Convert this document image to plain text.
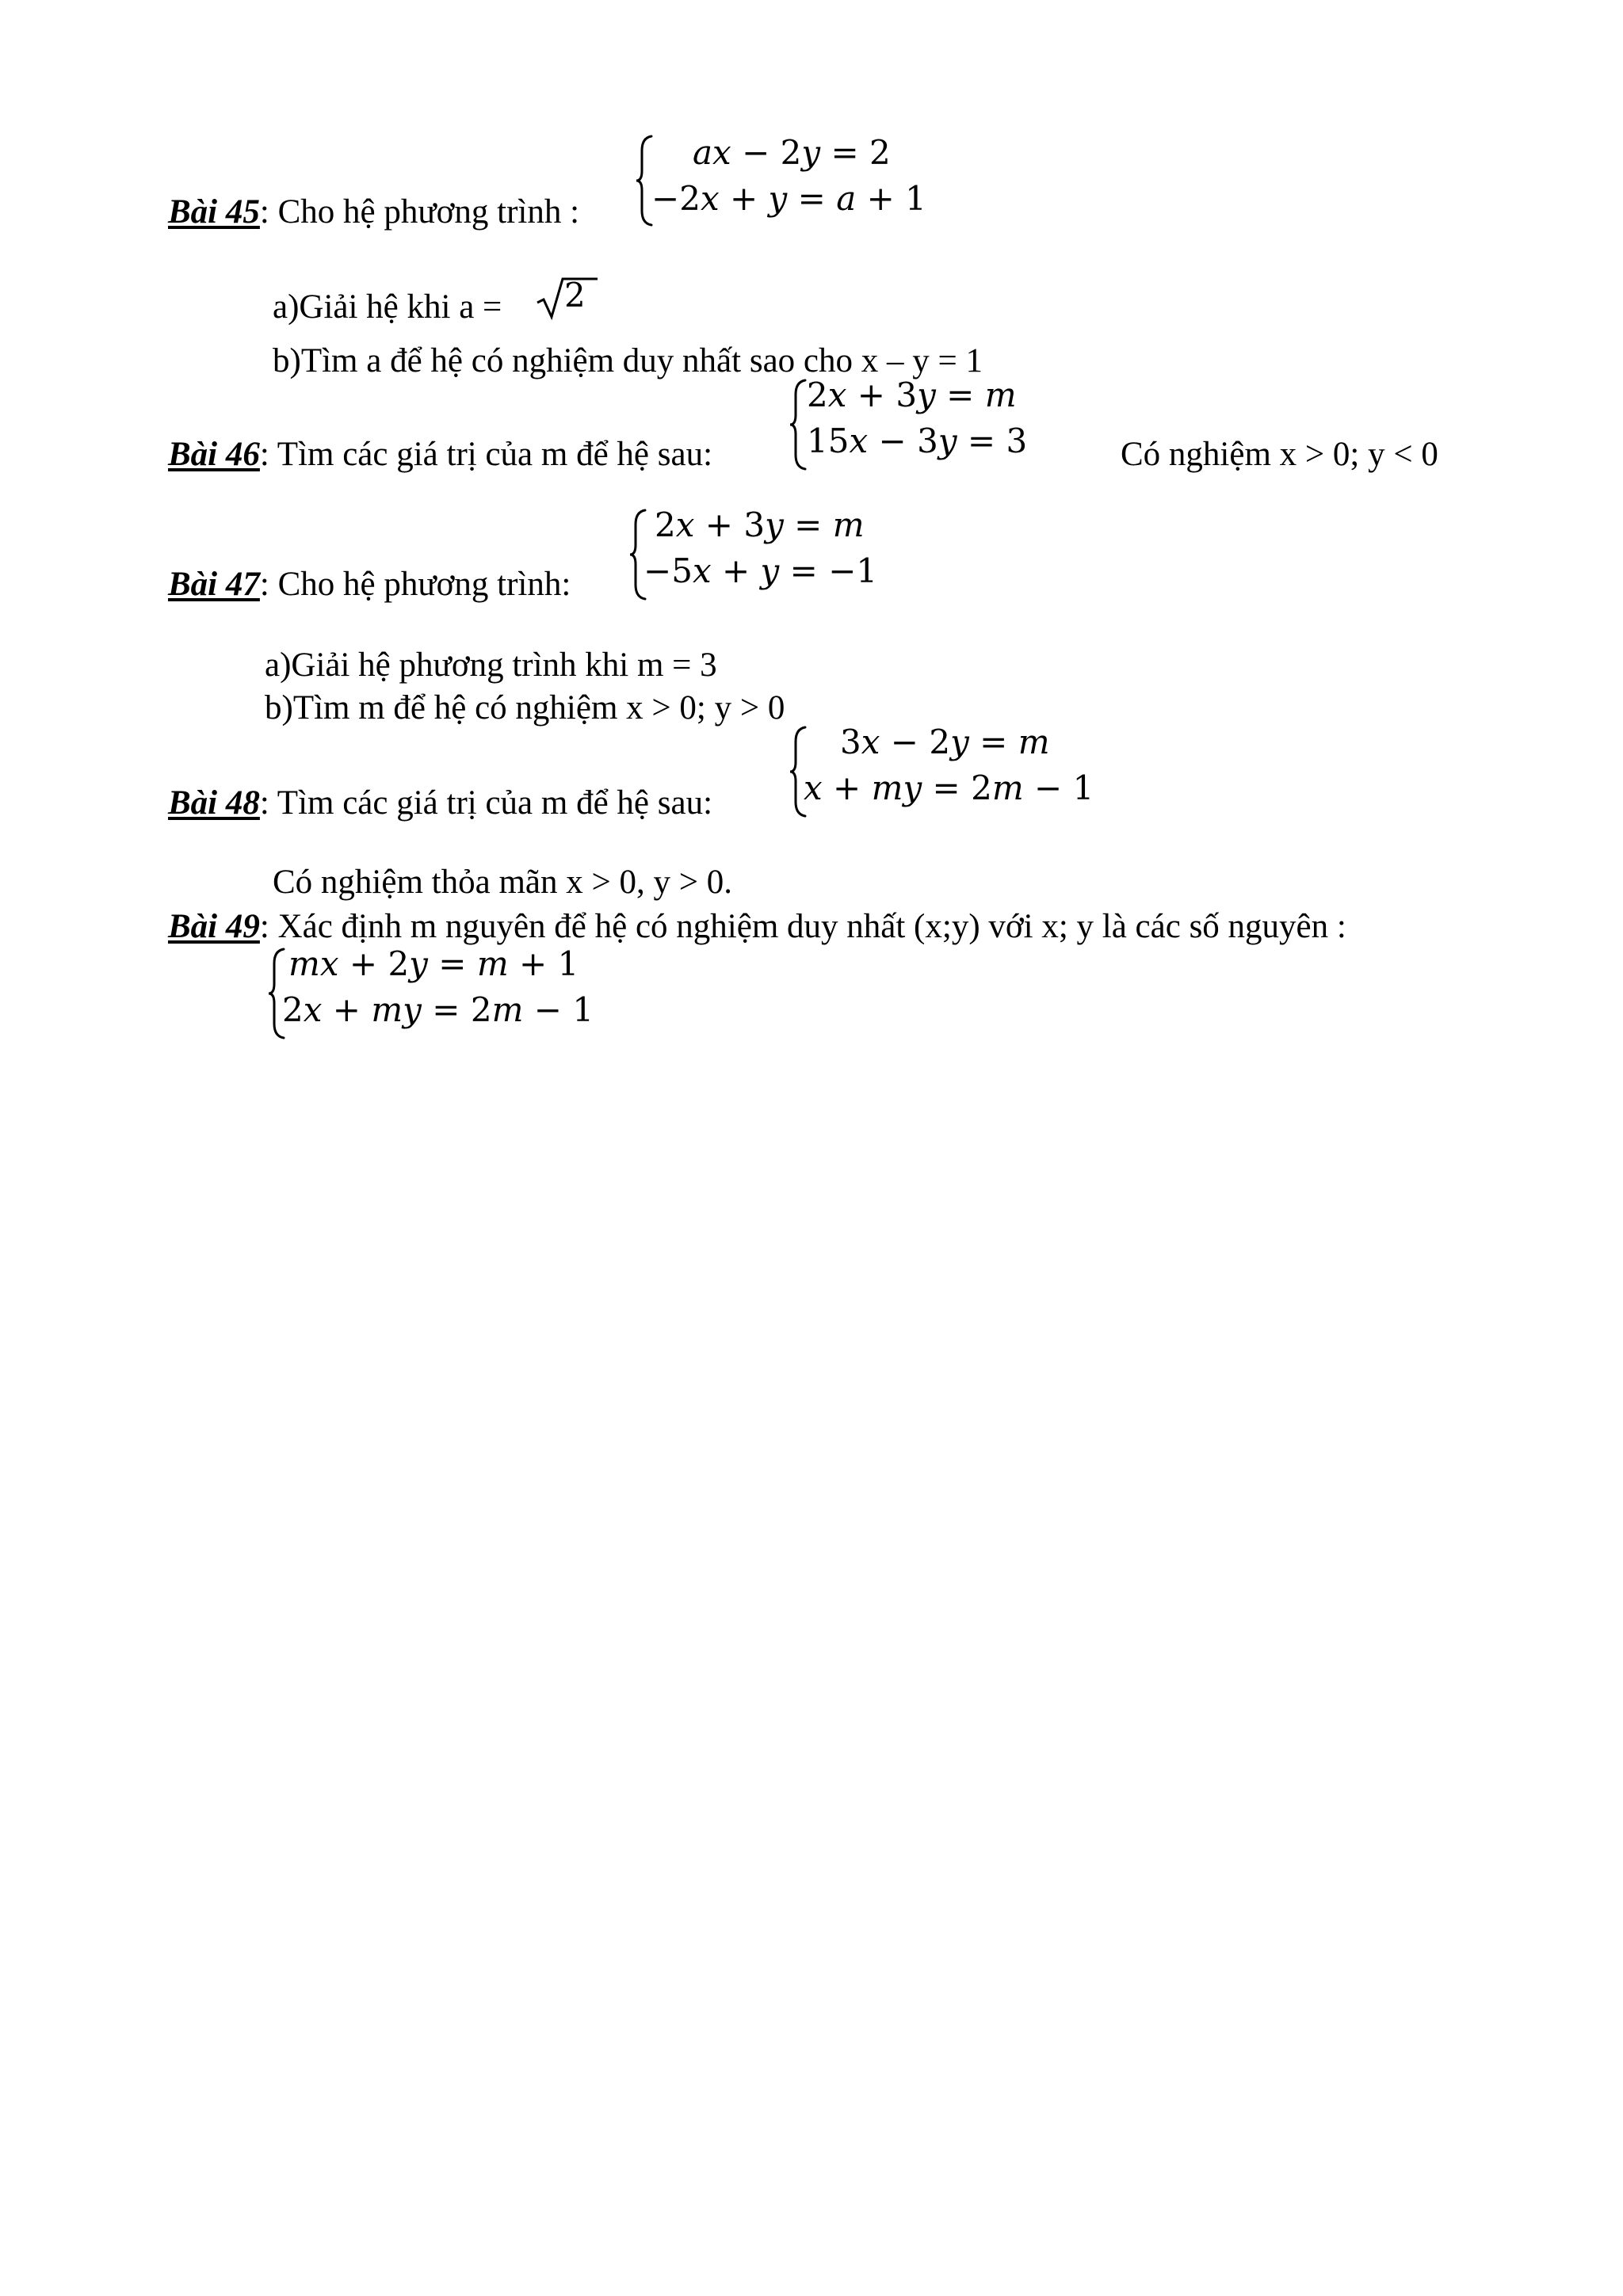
Bài 45: Cho hệ phương trình :
ax − 2y = 2
−2x + y = a + 1
a)Giải hệ khi a = 2
b)Tìm a để hệ có nghiệm duy nhất sao cho x – y = 1
Bài 46: Tìm các giá trị của m để hệ sau:
2x + 3y = m
15x − 3y = 3	Có nghiệm x > 0; y < 0
Bài 47: Cho hệ phương trình:
2x + 3y = m
−5x + y = −1
a)Giải hệ phương trình khi m = 3
b)Tìm m để hệ có nghiệm x > 0; y > 0
Bài 48: Tìm các giá trị của m để hệ sau:
3x − 2y = m
x + my = 2m − 1
Có nghiệm thỏa mãn x > 0, y > 0.
Bài 49: Xác định m nguyên để hệ có nghiệm duy nhất (x;y) với x; y là các số nguyên :
mx + 2y = m + 1
2x + my = 2m − 1
